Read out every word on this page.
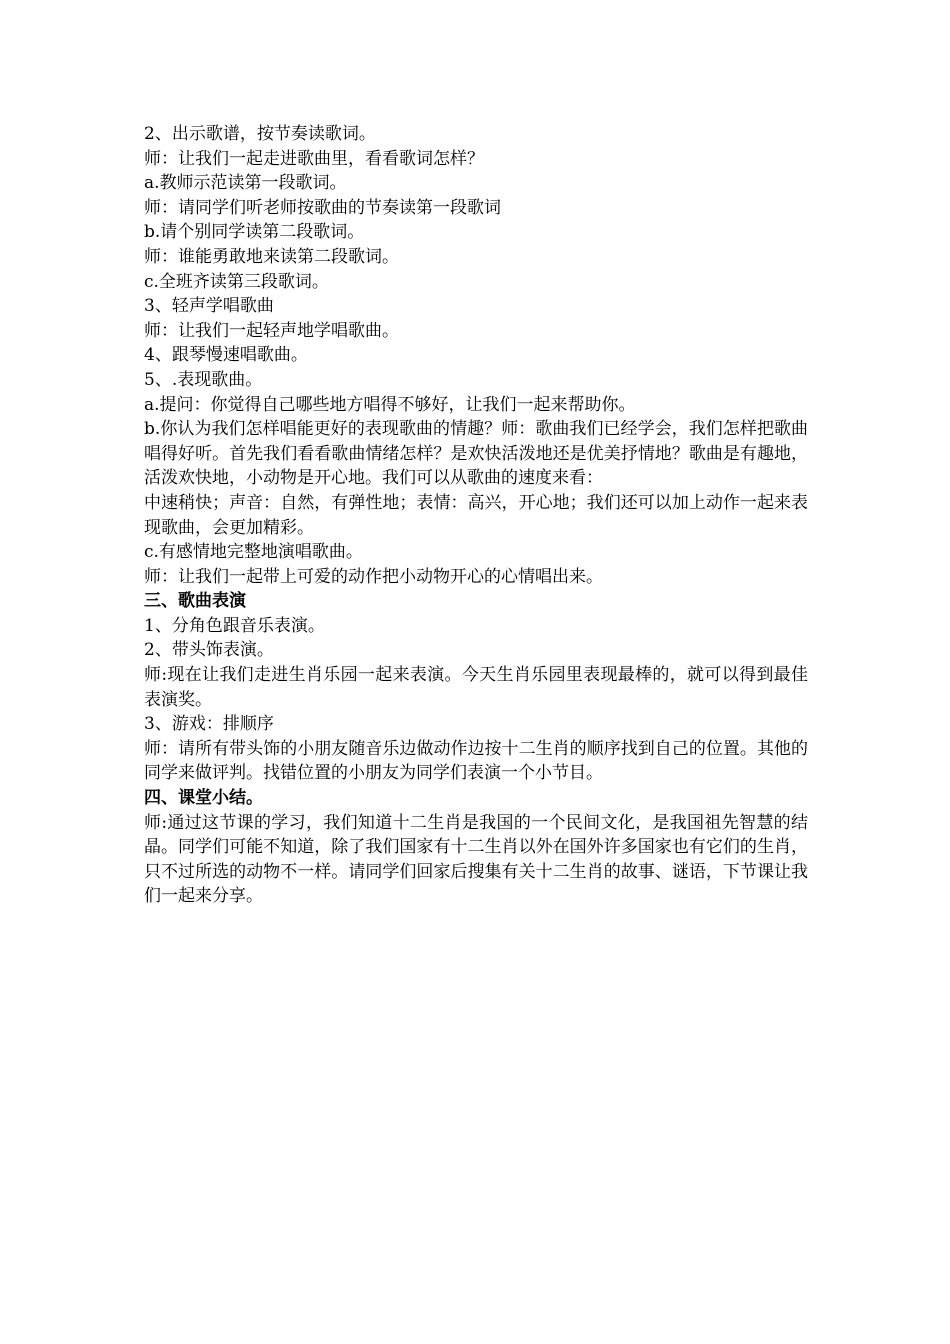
2、出示歌谱，按节奏读歌词。

师：让我们一起走进歌曲里，看看歌词怎样？

a.教师示范读第一段歌词。

师：请同学们听老师按歌曲的节奏读第一段歌词

b.请个别同学读第二段歌词。

师：谁能勇敢地来读第二段歌词。

c.全班齐读第三段歌词。

3、轻声学唱歌曲

师：让我们一起轻声地学唱歌曲。

4、跟琴慢速唱歌曲。

5、.表现歌曲。

a.提问：你觉得自己哪些地方唱得不够好，让我们一起来帮助你。

b.你认为我们怎样唱能更好的表现歌曲的情趣？师：歌曲我们已经学会，我们怎样把歌曲唱得好听。首先我们看看歌曲情绪怎样？是欢快活泼地还是优美抒情地？歌曲是有趣地，活泼欢快地，小动物是开心地。我们可以从歌曲的速度来看：

中速稍快；声音：自然，有弹性地；表情：高兴，开心地；我们还可以加上动作一起来表现歌曲，会更加精彩。

c.有感情地完整地演唱歌曲。

师：让我们一起带上可爱的动作把小动物开心的心情唱出来。

三、歌曲表演

1、分角色跟音乐表演。

2、带头饰表演。

师:现在让我们走进生肖乐园一起来表演。今天生肖乐园里表现最棒的，就可以得到最佳表演奖。

3、游戏：排顺序

师：请所有带头饰的小朋友随音乐边做动作边按十二生肖的顺序找到自己的位置。其他的同学来做评判。找错位置的小朋友为同学们表演一个小节目。

四、课堂小结。

师:通过这节课的学习，我们知道十二生肖是我国的一个民间文化，是我国祖先智慧的结晶。同学们可能不知道，除了我们国家有十二生肖以外在国外许多国家也有它们的生肖，只不过所选的动物不一样。请同学们回家后搜集有关十二生肖的故事、谜语，下节课让我们一起来分享。
